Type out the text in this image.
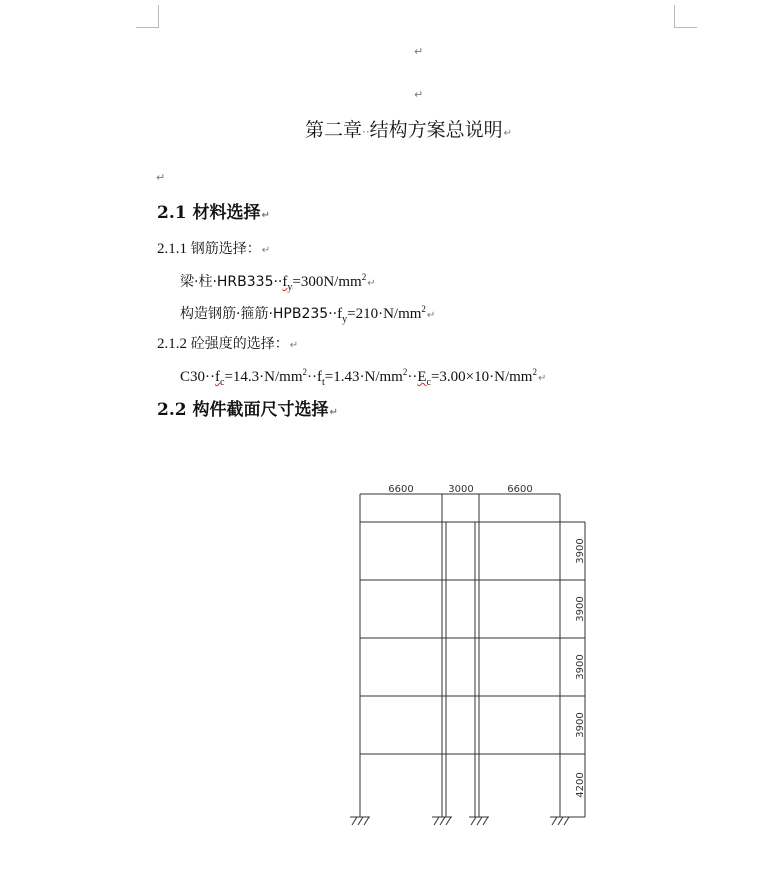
↵
↵
第二章··结构方案总说明↵
↵
2.1 材料选择↵
2.1.1 钢筋选择：↵
梁·柱$\cdot HRB335\cdot\cdot f_y=300N/mm^2↵$
构造钢筋·箍筋$\cdot HPB235\cdot\cdot f_y=210\cdot N/mm^2↵$
2.1.2 砼强度的选择：↵
$C30\cdot\cdot f_c=14.3\cdot N/mm^2\cdot\cdot f_t=1.43\cdot N/mm^2\cdot\cdot E_c=3.00\times 10\cdot N/mm^2↵$
2.2 构件截面尺寸选择↵
6600	3000	6600
3900
3900
3900
3900
4200
